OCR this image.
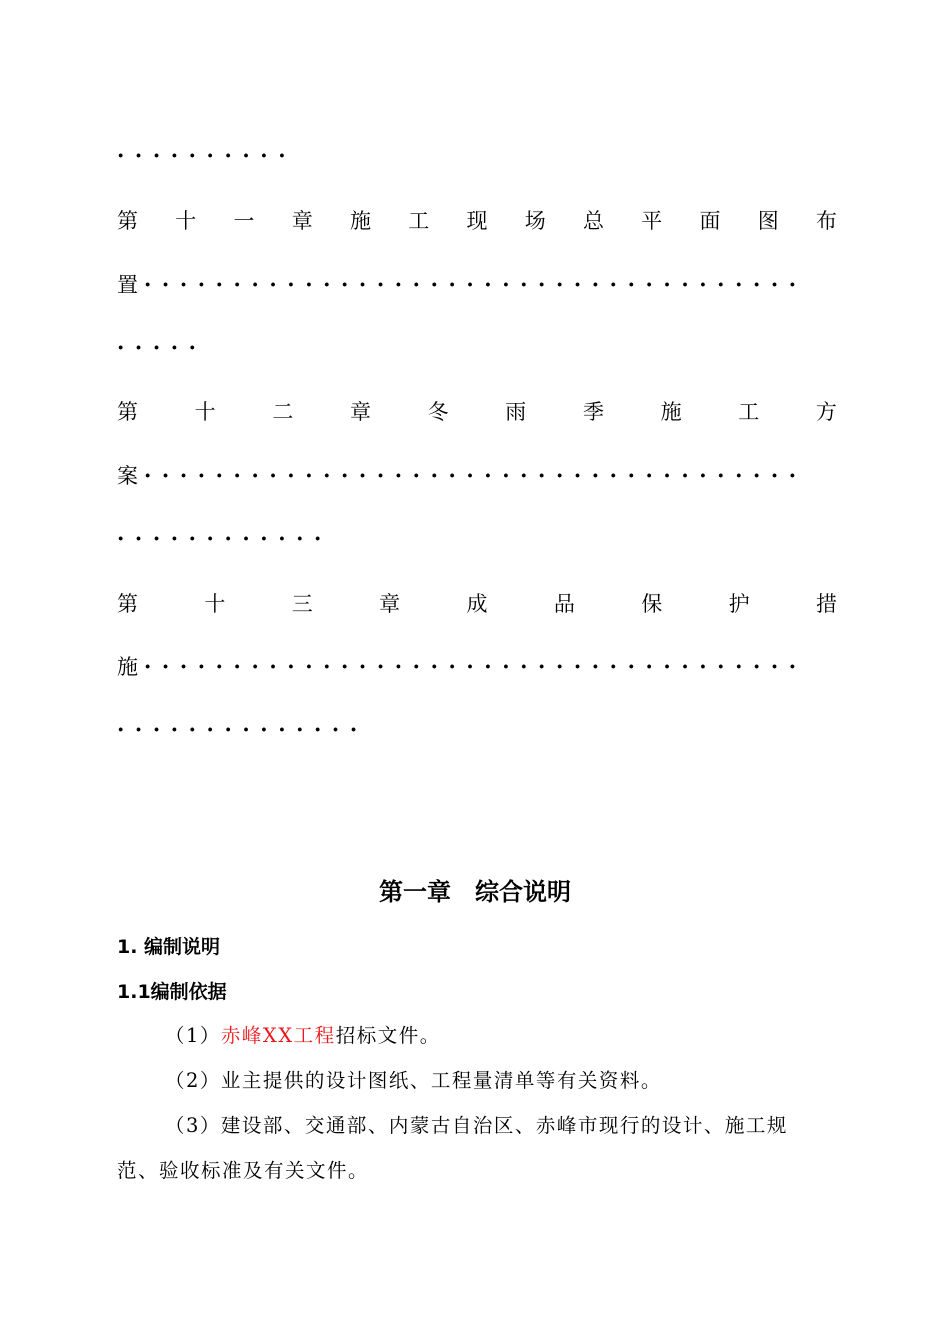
··········
第 十 一 章 施 工 现 场 总 平 面 图 布
置 ·····································
·····
第	十	二	章	冬	雨	季	施	工	方
案 ·····································
············
第	十	三	章	成	品	保	护	措
施 ·····································
··············
第一章　综合说明
1. 编制说明
1.1编制依据
（1）赤峰XX工程招标文件。
（2）业主提供的设计图纸、工程量清单等有关资料。
（3）建设部、交通部、内蒙古自治区、赤峰市现行的设计、施工规
范、验收标准及有关文件。
